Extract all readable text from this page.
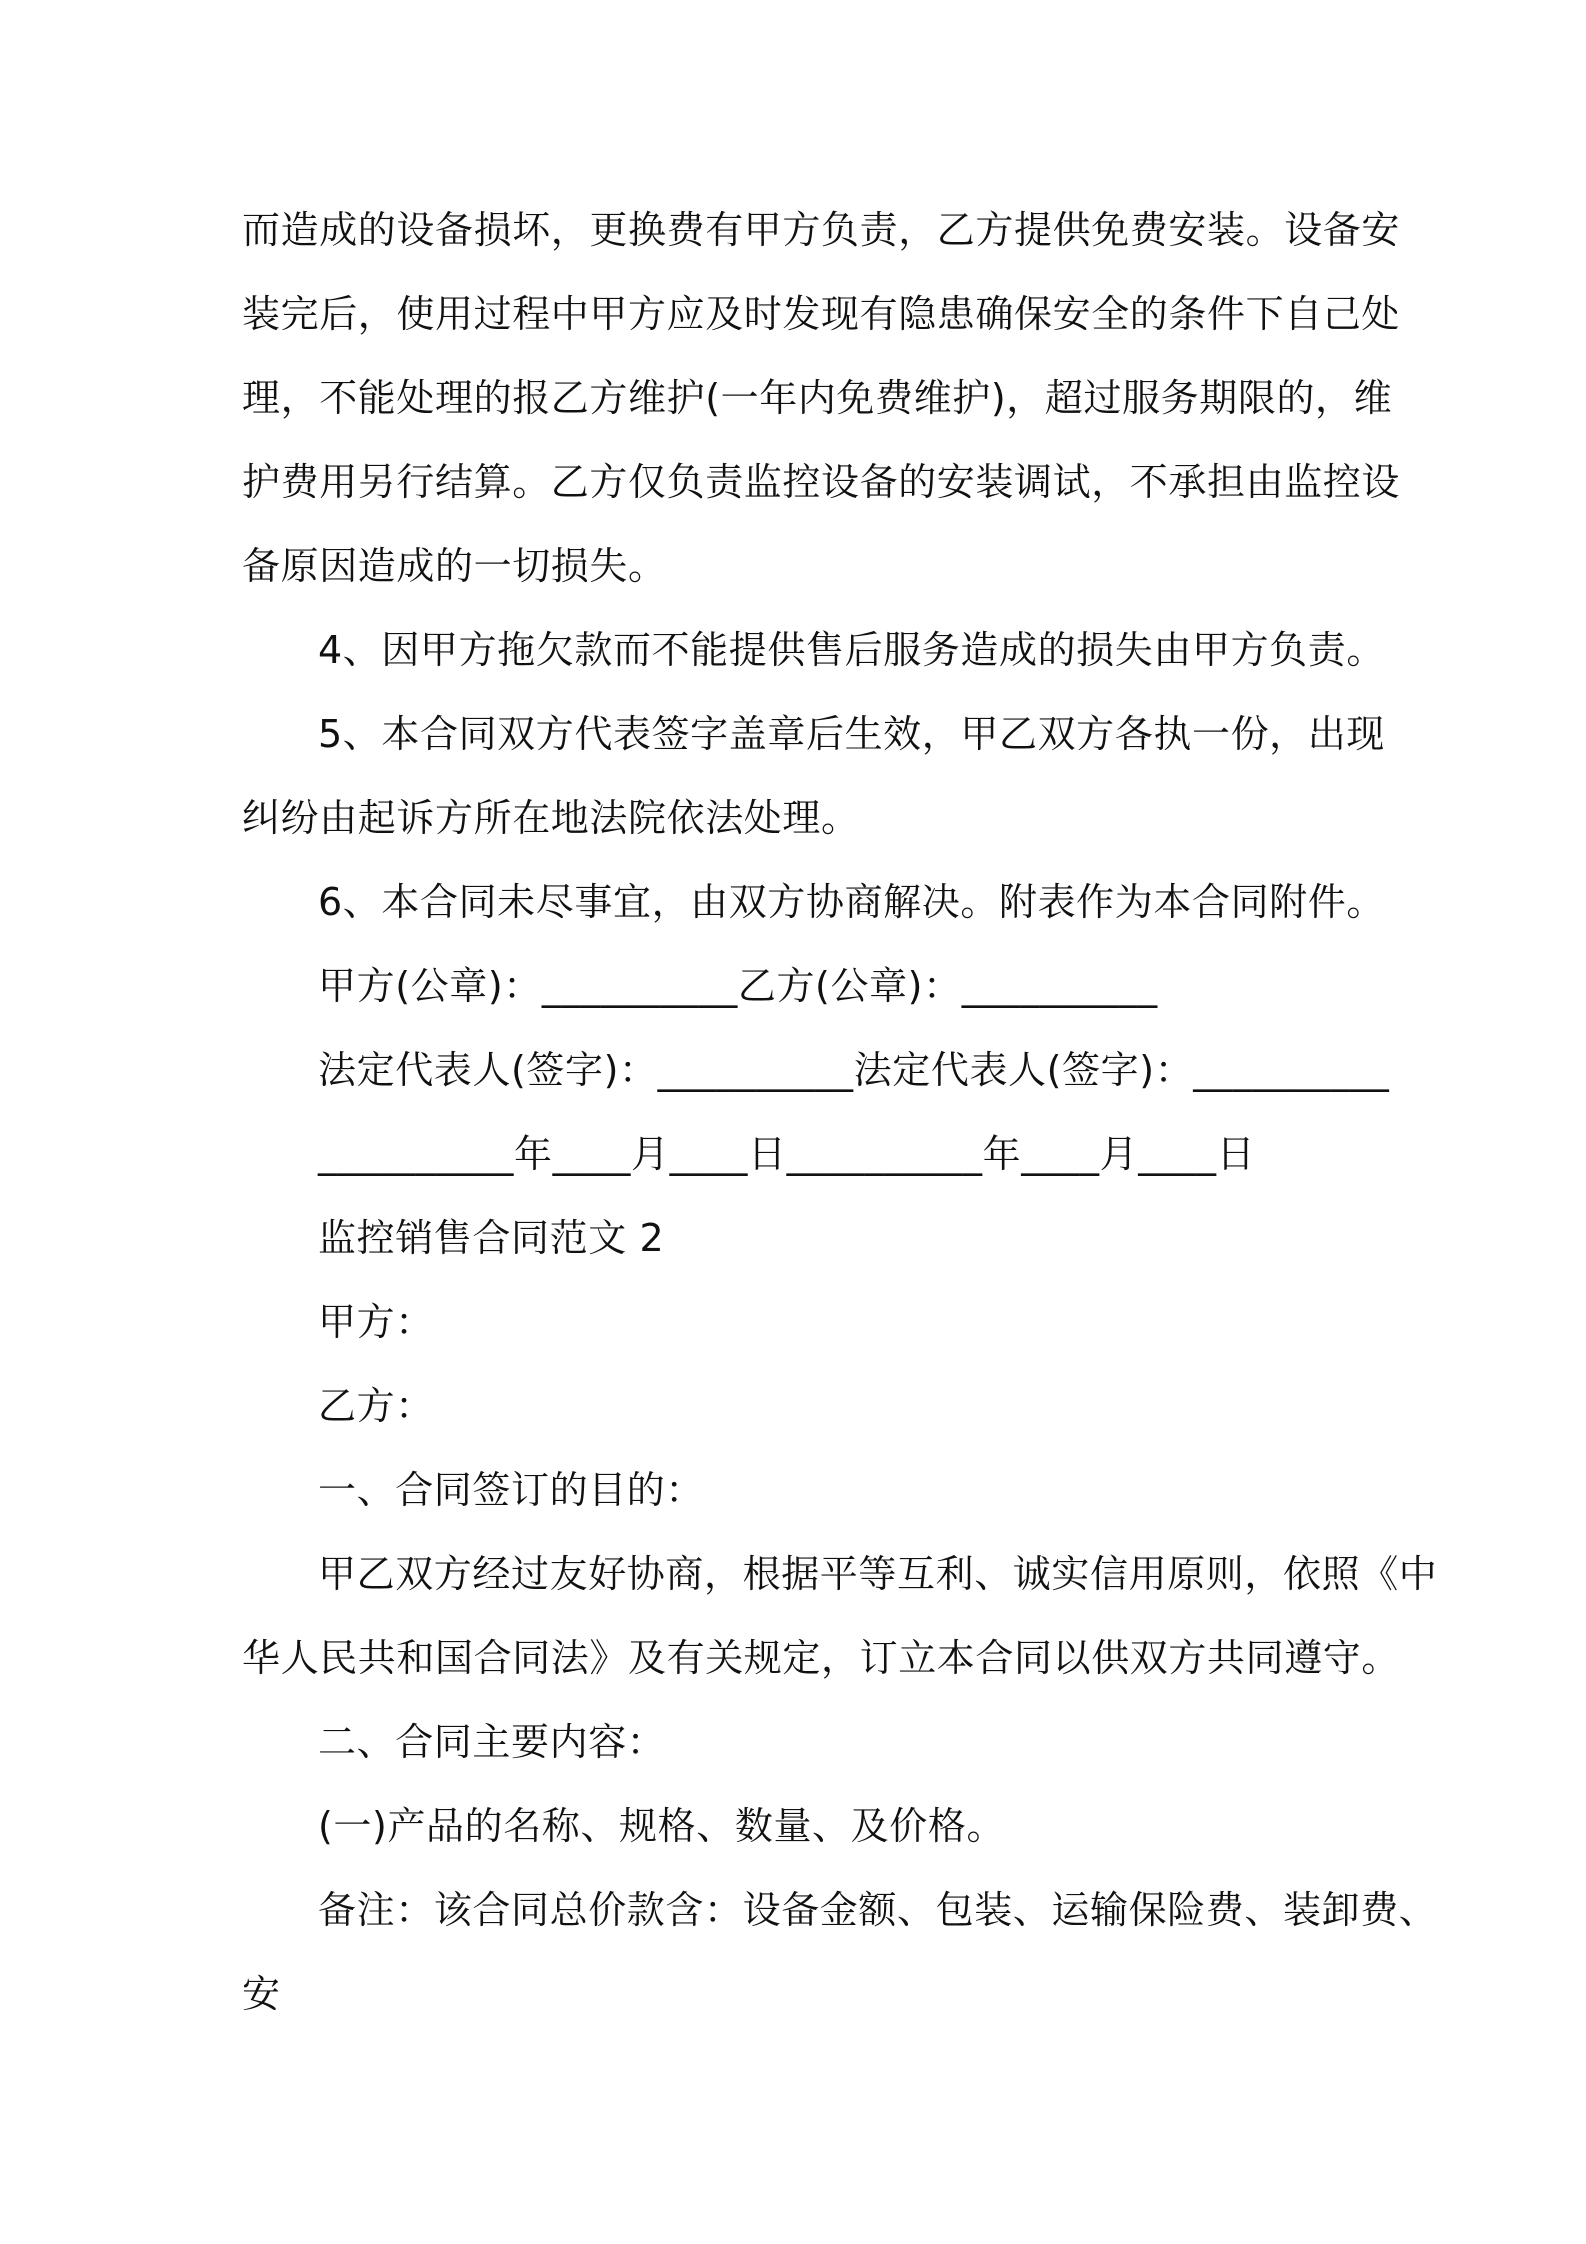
而造成的设备损坏，更换费有甲方负责，乙方提供免费安装。设备安
装完后，使用过程中甲方应及时发现有隐患确保安全的条件下自己处
理，不能处理的报乙方维护(一年内免费维护)，超过服务期限的，维
护费用另行结算。乙方仅负责监控设备的安装调试，不承担由监控设
备原因造成的一切损失。
4、因甲方拖欠款而不能提供售后服务造成的损失由甲方负责。
5、本合同双方代表签字盖章后生效，甲乙双方各执一份，出现
纠纷由起诉方所在地法院依法处理。
6、本合同未尽事宜，由双方协商解决。附表作为本合同附件。
甲方(公章)：__________乙方(公章)：__________
法定代表人(签字)：__________法定代表人(签字)：__________
__________年____月____日__________年____月____日
监控销售合同范文 2
甲方：
乙方：
一、合同签订的目的：
甲乙双方经过友好协商，根据平等互利、诚实信用原则，依照《中
华人民共和国合同法》及有关规定，订立本合同以供双方共同遵守。
二、合同主要内容：
(一)产品的名称、规格、数量、及价格。
备注：该合同总价款含：设备金额、包装、运输保险费、装卸费、
安
